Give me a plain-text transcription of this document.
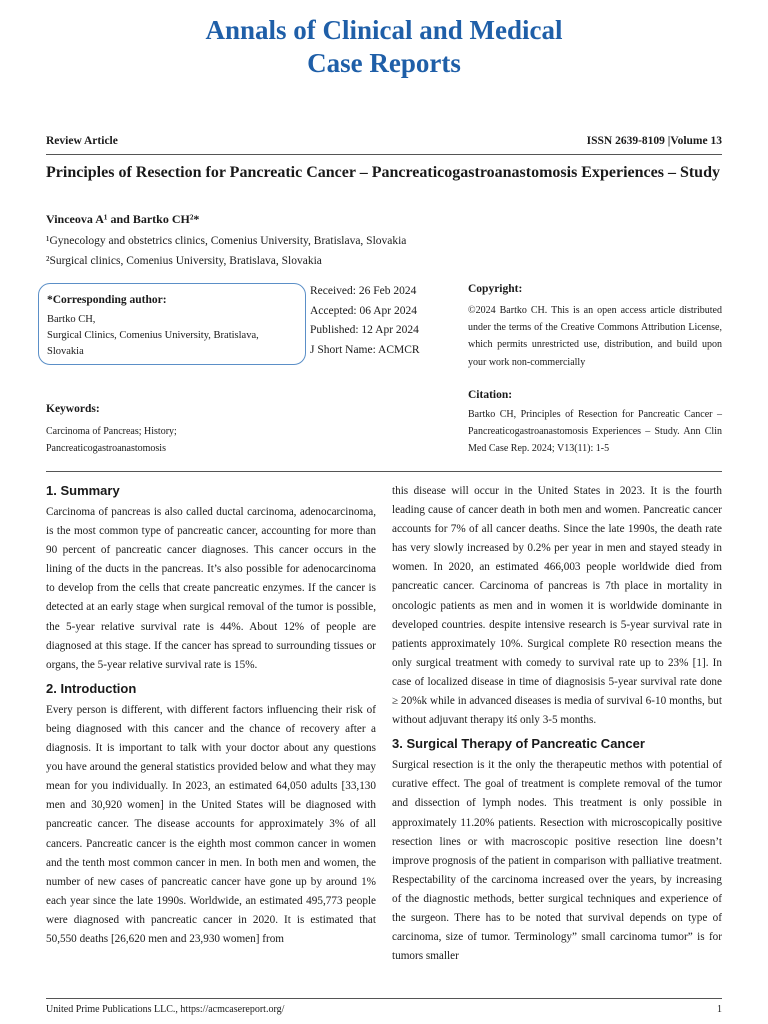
Annals of Clinical and Medical
Case Reports
Review Article	ISSN 2639-8109 |Volume 13
Principles of Resection for Pancreatic Cancer – Pancreaticogastroanastomosis Experiences – Study
Vinceova A¹ and Bartko CH²*
¹Gynecology and obstetrics clinics, Comenius University, Bratislava, Slovakia
²Surgical clinics, Comenius University, Bratislava, Slovakia
*Corresponding author:
Bartko CH,
Surgical Clinics, Comenius University, Bratislava, Slovakia
Received: 26 Feb 2024
Accepted: 06 Apr 2024
Published: 12 Apr 2024
J Short Name: ACMCR
Copyright:
©2024 Bartko CH. This is an open access article distributed under the terms of the Creative Commons Attribution License, which permits unrestricted use, distribution, and build upon your work non-commercially
Citation:
Bartko CH, Principles of Resection for Pancreatic Cancer – Pancreaticogastroanastomosis Experiences – Study. Ann Clin Med Case Rep. 2024; V13(11): 1-5
Keywords:
Carcinoma of Pancreas; History;
Pancreaticogastroanastomosis
1. Summary

Carcinoma of pancreas is also called ductal carcinoma, adenocarcinoma, is the most common type of pancreatic cancer, accounting for more than 90 percent of pancreatic cancer diagnoses. This cancer occurs in the lining of the ducts in the pancreas. It’s also possible for adenocarcinoma to develop from the cells that create pancreatic enzymes. If the cancer is detected at an early stage when surgical removal of the tumor is possible, the 5-year relative survival rate is 44%. About 12% of people are diagnosed at this stage. If the cancer has spread to surrounding tissues or organs, the 5-year relative survival rate is 15%.

2. Introduction

Every person is different, with different factors influencing their risk of being diagnosed with this cancer and the chance of recovery after a diagnosis. It is important to talk with your doctor about any questions you have around the general statistics provided below and what they may mean for you individually. In 2023, an estimated 64,050 adults [33,130 men and 30,920 women] in the United States will be diagnosed with pancreatic cancer. The disease accounts for approximately 3% of all cancers. Pancreatic cancer is the eighth most common cancer in women and the tenth most common cancer in men. In both men and women, the number of new cases of pancreatic cancer have gone up by around 1% each year since the late 1990s. Worldwide, an estimated 495,773 people were diagnosed with pancreatic cancer in 2020. It is estimated that 50,550 deaths [26,620 men and 23,930 women] from

this disease will occur in the United States in 2023. It is the fourth leading cause of cancer death in both men and women. Pancreatic cancer accounts for 7% of all cancer deaths. Since the late 1990s, the death rate has very slowly increased by 0.2% per year in men and stayed steady in women. In 2020, an estimated 466,003 people worldwide died from pancreatic cancer. Carcinoma of pancreas is 7th place in mortality in oncologic patients as men and in women it is worldwide dominante in developed countries. despite intensive research is 5-year survival rate in patients approximately 10%. Surgical complete R0 resection means the only surgical treatment with comedy to survival rate up to 23% [1]. In case of localized disease in time of diagnosisis 5-year survival rate done ≥ 20%k while in advanced diseases is media of survival 6-10 months, but without adjuvant therapy itś only 3-5 months.

3. Surgical Therapy of Pancreatic Cancer

Surgical resection is it the only the therapeutic methos with potential of curative effect. The goal of treatment is complete removal of the tumor and dissection of lymph nodes. This treatment is only possible in approximately 11.20% patients. Resection with microscopically positive resection lines or with macroscopic positive resection line doesn’t improve prognosis of the patient in comparison with palliative treatment. Respectability of the carcinoma increased over the years, by increasing of the diagnostic methods, better surgical techniques and experience of the surgeon. There has to be noted that survival depends on type of carcinoma, size of tumor. Terminology” small carcinoma tumor” is for tumors smaller

United Prime Publications LLC., https://acmcasereport.org/	1
